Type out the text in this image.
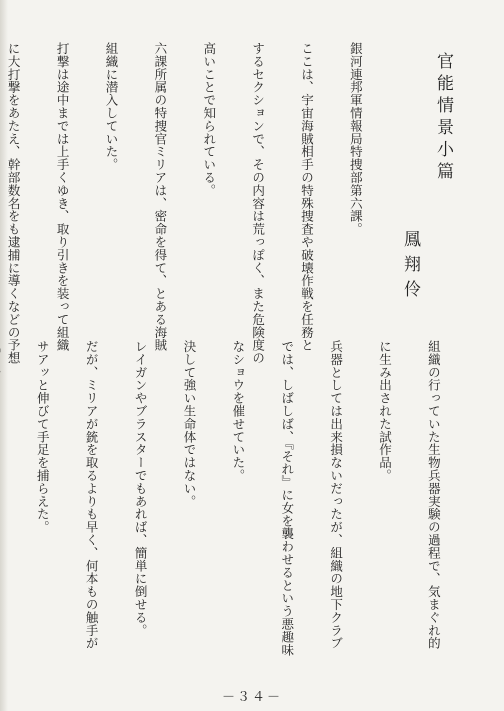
官能情景小篇
鳳翔伶

銀河連邦軍情報局特捜部第六課。

ここは、宇宙海賊相手の特殊捜査や破壊作戦を任務と

するセクションで、その内容は荒っぽく、また危険度の

高いことで知られている。

六課所属の特捜官ミリアは、密命を得て、とある海賊

組織に潜入していた。

打撃は途中までは上手くゆき、取り引きを装って組織

に大打撃をあたえ、幹部数名をも逮捕に導くなどの予想

組織の行っていた生物兵器実験の過程で、気まぐれ的

に生み出された試作品。

兵器としては出来損ないだったが、組織の地下クラブ

では、しばしば、『それ』に女を襲わせるという悪趣味

なショウを催せていた。

決して強い生命体ではない。

レイガンやブラスターでもあれば、簡単に倒せる。

だが、ミリアが銃を取るよりも早く、何本もの触手が

サアッと伸びて手足を捕らえた。

－３４－
